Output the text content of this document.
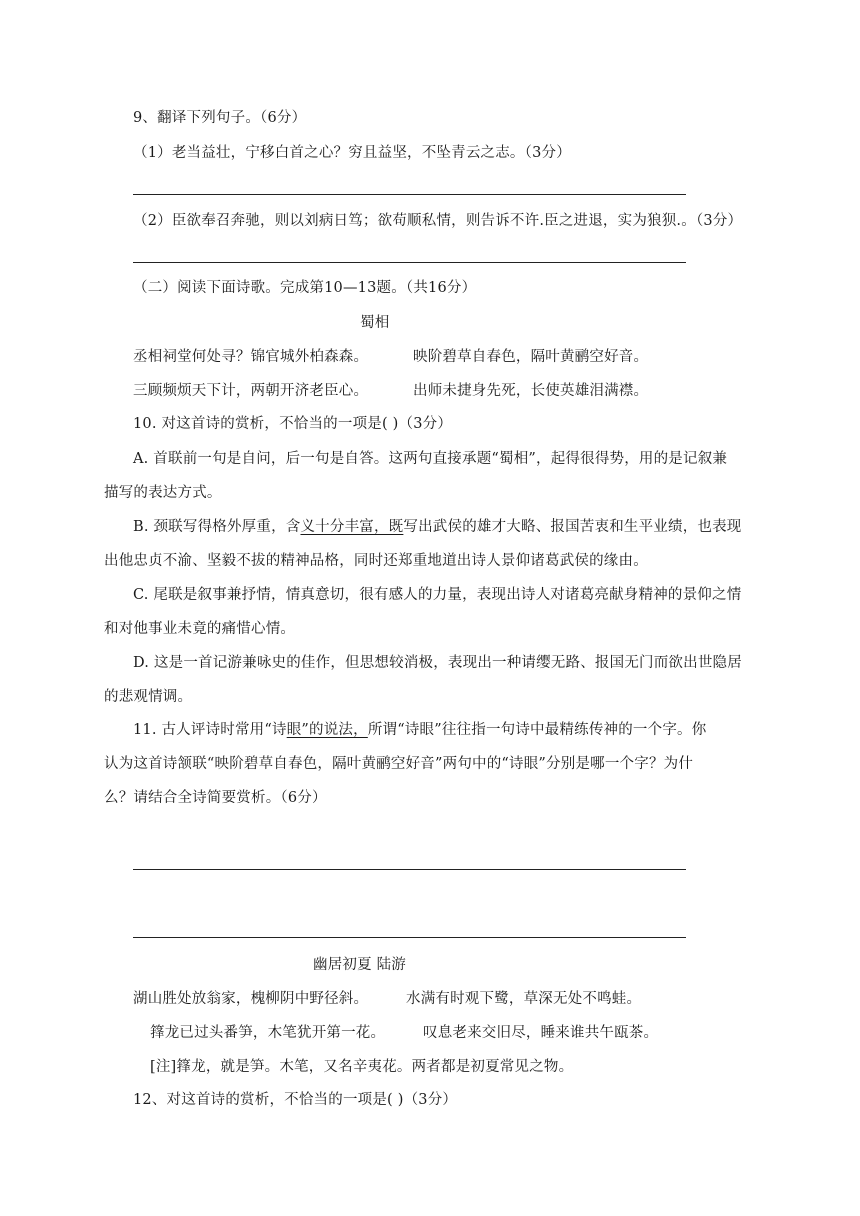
9、翻译下列句子。（6分）
（1）老当益壮，宁移白首之心？穷且益坚，不坠青云之志。（3分）
（2）臣欲奉召奔驰，则以刘病日笃；欲苟顺私情，则告诉不许.臣之进退，实为狼狈.。（3分）
（二）阅读下面诗歌。完成第10—13题。（共16分）
蜀相
丞相祠堂何处寻？锦官城外柏森森。	映阶碧草自春色，隔叶黄鹂空好音。
三顾频烦天下计，两朝开济老臣心。	出师未捷身先死，长使英雄泪满襟。
10. 对这首诗的赏析，不恰当的一项是( )（3分）
A. 首联前一句是自问，后一句是自答。这两句直接承题“蜀相”，起得很得势，用的是记叙兼
描写的表达方式。
B. 颈联写得格外厚重，含义十分丰富，既写出武侯的雄才大略、报国苦衷和生平业绩，也表现
出他忠贞不渝、坚毅不拔的精神品格，同时还郑重地道出诗人景仰诸葛武侯的缘由。
C. 尾联是叙事兼抒情，情真意切，很有感人的力量，表现出诗人对诸葛亮献身精神的景仰之情
和对他事业未竟的痛惜心情。
D. 这是一首记游兼咏史的佳作，但思想较消极，表现出一种请缨无路、报国无门而欲出世隐居
的悲观情调。
11. 古人评诗时常用“诗眼”的说法，所谓“诗眼”往往指一句诗中最精练传神的一个字。你
认为这首诗颔联“映阶碧草自春色，隔叶黄鹂空好音”两句中的“诗眼”分别是哪一个字？为什
么？请结合全诗简要赏析。（6分）
幽居初夏 陆游
湖山胜处放翁家，槐柳阴中野径斜。	水满有时观下鹭，草深无处不鸣蛙。
箨龙已过头番笋，木笔犹开第一花。	叹息老来交旧尽，睡来谁共午瓯茶。
[注]箨龙，就是笋。木笔，又名辛夷花。两者都是初夏常见之物。
12、对这首诗的赏析，不恰当的一项是( )（3分）
